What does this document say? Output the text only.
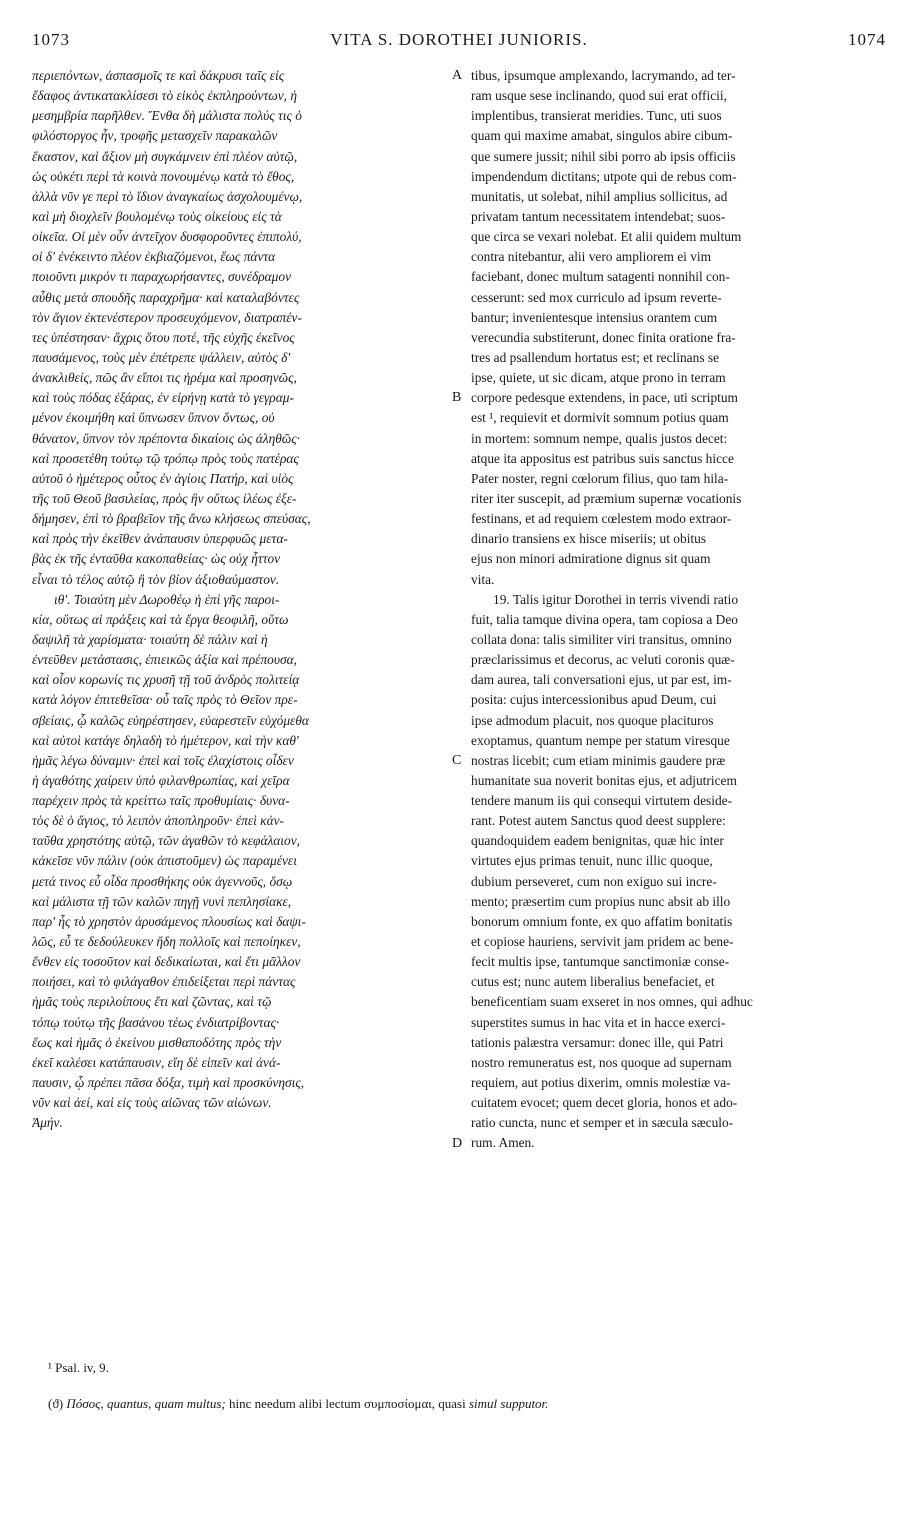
1073	VITA S. DOROTHEI JUNIORIS.	1074
περιεπόντων, ἀσπασμοῖς τε καὶ δάκρυσι ταῖς εἰς
ἔδαφος ἀντικατακλίσεσι τὸ εἰκὸς ἐκπληρούντων, ἡ
μεσημβρία παρῆλθεν. Ἔνθα δὴ μάλιστα πολύς τις ὁ
φιλόστοργος ἦν, τροφῆς μετασχεῖν παρακαλῶν
ἕκαστον, καὶ ἄξιον μὴ συγκάμνειν ἐπὶ πλέον αὐτῷ,
ὡς οὐκέτι περὶ τὰ κοινὰ πονουμένῳ κατὰ τὸ ἔθος,
ἀλλὰ νῦν γε περὶ τὸ ἴδιον ἀναγκαίως ἀσχολουμένῳ,
καὶ μὴ διοχλεῖν βουλομένῳ τοὺς οἰκείους εἰς τὰ
οἰκεῖα. Οἱ μὲν οὖν ἀντεῖχον δυσφοροῦντες ἐπιπολύ,
οἱ δ' ἐνέκειντο πλέον ἐκβιαζόμενοι, ἕως πάντα
ποιοῦντι μικρόν τι παραχωρήσαντες, συνέδραμον
αὖθις μετὰ σπουδῆς παραχρῆμα· καὶ καταλαβόντες
τὸν ἅγιον ἐκτενέστερον προσευχόμενον, διατραπέν-
τες ὑπέστησαν· ἄχρις ὅτου ποτέ, τῆς εὐχῆς ἐκεῖνος
παυσάμενος, τοὺς μὲν ἐπέτρεπε ψάλλειν, αὐτὸς δ'
ἀνακλιθείς, πῶς ἂν εἴποι τις ἠρέμα καὶ προσηνῶς,
καὶ τοὺς πόδας ἐξάρας, ἐν εἰρήνῃ κατὰ τὸ γεγραμ-
μένον ἐκοιμήθη καὶ ὕπνωσεν ὕπνον ὄντως, οὐ
θάνατον, ὕπνον τὸν πρέποντα δικαίοις ὡς ἀληθῶς·
καὶ προσετέθη τούτῳ τῷ τρόπῳ πρὸς τοὺς πατέρας
αὐτοῦ ὁ ἡμέτερος οὗτος ἐν ἁγίοις Πατήρ, καὶ υἱὸς
τῆς τοῦ Θεοῦ βασιλείας, πρὸς ἣν οὕτως ἱλέως ἐξε-
δήμησεν, ἐπὶ τὸ βραβεῖον τῆς ἄνω κλήσεως σπεύσας,
καὶ πρὸς τὴν ἐκεῖθεν ἀνάπαυσιν ὑπερφυῶς μετα-
βὰς ἐκ τῆς ἐνταῦθα κακοπαθείας· ὡς οὐχ ἧττον
εἶναι τὸ τέλος αὐτῷ ἢ τὸν βίον ἀξιοθαύμαστον.
ιθ'. Τοιαύτη μὲν Δωροθέῳ ἡ ἐπὶ γῆς παροι-
κία, οὕτως αἱ πράξεις καὶ τὰ ἔργα θεοφιλῆ, οὕτω
δαψιλῆ τὰ χαρίσματα· τοιαύτη δὲ πάλιν καὶ ἡ
ἐντεῦθεν μετάστασις, ἐπιεικῶς ἀξία καὶ πρέπουσα,
καὶ οἷον κορωνίς τις χρυσῆ τῇ τοῦ ἀνδρὸς πολιτείᾳ
κατὰ λόγον ἐπιτεθεῖσα· οὗ ταῖς πρὸς τὸ Θεῖον πρε-
σβείαις, ᾧ καλῶς εὐηρέστησεν, εὐαρεστεῖν εὐχόμεθα
καὶ αὐτοὶ κατάγε δηλαδὴ τὸ ἡμέτερον, καὶ τὴν καθ'
ἡμᾶς λέγω δύναμιν· ἐπεὶ καὶ τοῖς ἐλαχίστοις οἶδεν
ἡ ἀγαθότης χαίρειν ὑπὸ φιλανθρωπίας, καὶ χεῖρα
παρέχειν πρὸς τὰ κρείττω ταῖς προθυμίαις· δυνα-
τὸς δὲ ὁ ἅγιος, τὸ λειπὸν ἀποπληροῦν· ἐπεὶ κἀν-
ταῦθα χρηστότης αὐτῷ, τῶν ἀγαθῶν τὸ κεφάλαιον,
κἀκεῖσε νῦν πάλιν (οὐκ ἀπιστοῦμεν) ὡς παραμένει
μετά τινος εὖ οἶδα προσθήκης οὐκ ἀγεννοῦς, ὅσῳ
καὶ μάλιστα τῇ τῶν καλῶν πηγῇ νυνὶ πεπλησίακε,
παρ' ἧς τὸ χρηστὸν ἀρυσάμενος πλουσίως καὶ δαψι-
λῶς, εὖ τε δεδούλευκεν ἤδη πολλοῖς καὶ πεποίηκεν,
ἔνθεν εἰς τοσοῦτον καὶ δεδικαίωται, καὶ ἔτι μᾶλλον
ποιήσει, καὶ τὸ φιλάγαθον ἐπιδείξεται περὶ πάντας
ἡμᾶς τοὺς περιλοίπους ἔτι καὶ ζῶντας, καὶ τῷ
τόπῳ τούτῳ τῆς βασάνου τέως ἐνδιατρίβοντας·
ἕως καὶ ἡμᾶς ὁ ἐκείνου μισθαποδότης πρὸς τὴν
ἐκεῖ καλέσει κατάπαυσιν, εἴη δὲ εἰπεῖν καὶ ἀνά-
παυσιν, ᾧ πρέπει πᾶσα δόξα, τιμὴ καὶ προσκύνησις,
νῦν καὶ ἀεί, καὶ εἰς τοὺς αἰῶνας τῶν αἰώνων.
Ἀμήν.
tibus, ipsumque amplexando, lacrymando, ad ter-
ram usque sese inclinando, quod sui erat officii,
implentibus, transierat meridies. Tunc, uti suos
quam qui maxime amabat, singulos abire cibum-
que sumere jussit; nihil sibi porro ab ipsis officiis
impendendum dictitans; utpote qui de rebus com-
munitatis, ut solebat, nihil amplius sollicitus, ad
privatam tantum necessitatem intendebat; suos-
que circa se vexari nolebat. Et alii quidem multum
contra nitebantur, alii vero ampliorem ei vim
faciebant, donec multum satagenti nonnihil con-
cesserunt: sed mox curriculo ad ipsum reverte-
bantur; invenientesque intensius orantem cum
verecundia substiterunt, donec finita oratione fra-
tres ad psallendum hortatus est; et reclinans se
ipse, quiete, ut sic dicam, atque prono in terram
corpore pedesque extendens, in pace, uti scriptum
est ¹, requievit et dormivit somnum potius quam
in mortem: somnum nempe, qualis justos decet:
atque ita appositus est patribus suis sanctus hicce
Pater noster, regni cœlorum filius, quo tam hila-
riter iter suscepit, ad præmium supernæ vocationis
festinans, et ad requiem cœlestem modo extraor-
dinario transiens ex hisce miseriis; ut obitus
ejus non minori admiratione dignus sit quam
vita.
19. Talis igitur Dorothei in terris vivendi ratio
fuit, talia tamque divina opera, tam copiosa a Deo
collata dona: talis similiter viri transitus, omnino
præclarissimus et decorus, ac veluti coronis quæ-
dam aurea, tali conversationi ejus, ut par est, im-
posita: cujus intercessionibus apud Deum, cui
ipse admodum placuit, nos quoque placituros
exoptamus, quantum nempe per statum viresque
nostras licebit; cum etiam minimis gaudere præ
humanitate sua noverit bonitas ejus, et adjutricem
tendere manum iis qui consequi virtutem deside-
rant. Potest autem Sanctus quod deest supplere:
quandoquidem eadem benignitas, quæ hic inter
virtutes ejus primas tenuit, nunc illic quoque,
dubium perseveret, cum non exiguo sui incre-
mento; præsertim cum propius nunc absit ab illo
bonorum omnium fonte, ex quo affatim bonitatis
et copiose hauriens, servivit jam pridem ac bene-
fecit multis ipse, tantumque sanctimoniæ conse-
cutus est; nunc autem liberalius benefaciet, et
beneficentiam suam exseret in nos omnes, qui adhuc
superstites sumus in hac vita et in hacce exerci-
tationis palæstra versamur: donec ille, qui Patri
nostro remuneratus est, nos quoque ad supernam
requiem, aut potius dixerim, omnis molestiæ va-
cuitatem evocet; quem decet gloria, honos et ado-
ratio cuncta, nunc et semper et in sæcula sæculo-
rum. Amen.
A
B
C
D
¹ Psal. iv, 9.
(ϑ) Πόσος, quantus, quam multus; hinc needum alibi lectum συμποσίομαι, quasi simul supputor.
